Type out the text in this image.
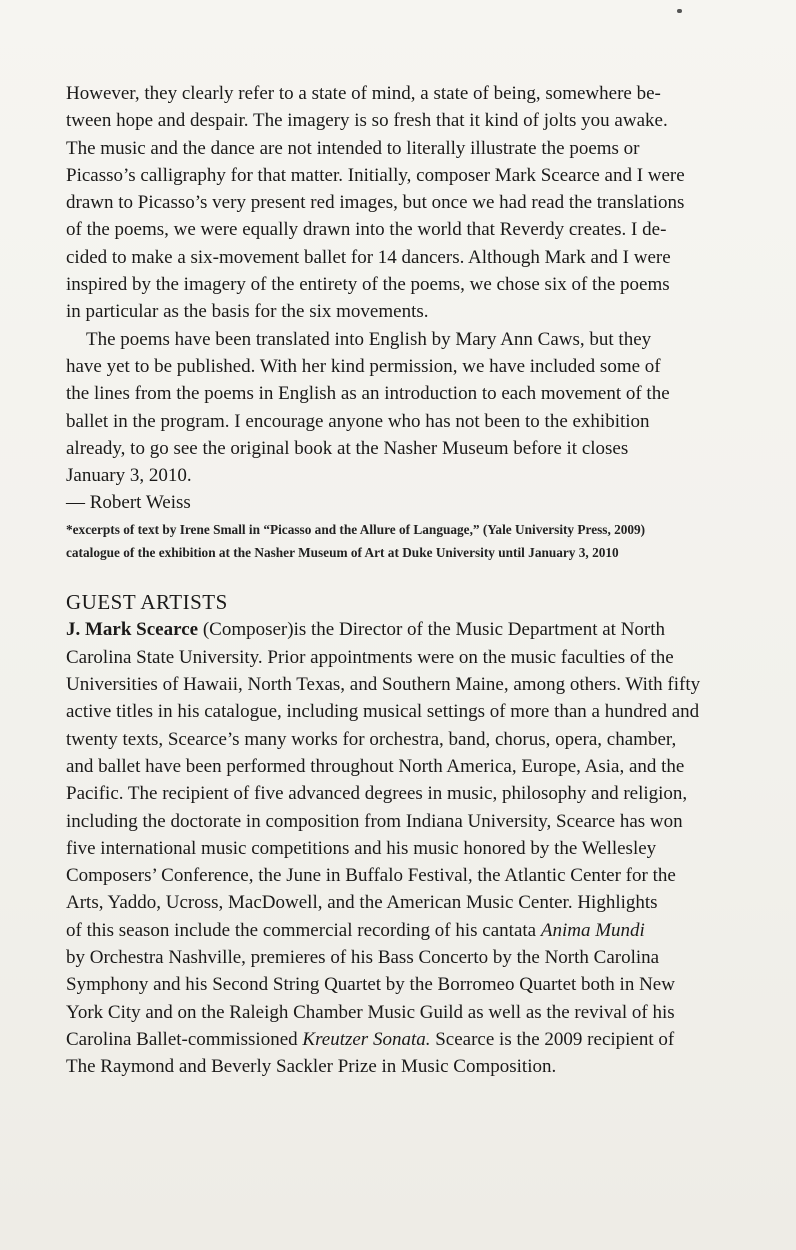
However, they clearly refer to a state of mind, a state of being, somewhere be-
tween hope and despair. The imagery is so fresh that it kind of jolts you awake.
The music and the dance are not intended to literally illustrate the poems or
Picasso’s calligraphy for that matter. Initially, composer Mark Scearce and I were
drawn to Picasso’s very present red images, but once we had read the translations
of the poems, we were equally drawn into the world that Reverdy creates. I de-
cided to make a six-movement ballet for 14 dancers. Although Mark and I were
inspired by the imagery of the entirety of the poems, we chose six of the poems
in particular as the basis for the six movements.

The poems have been translated into English by Mary Ann Caws, but they
have yet to be published. With her kind permission, we have included some of
the lines from the poems in English as an introduction to each movement of the
ballet in the program. I encourage anyone who has not been to the exhibition
already, to go see the original book at the Nasher Museum before it closes
January 3, 2010.

— Robert Weiss

*excerpts of text by Irene Small in “Picasso and the Allure of Language,” (Yale University Press, 2009)
catalogue of the exhibition at the Nasher Museum of Art at Duke University until January 3, 2010

GUEST ARTISTS

J. Mark Scearce (Composer)is the Director of the Music Department at North
Carolina State University. Prior appointments were on the music faculties of the
Universities of Hawaii, North Texas, and Southern Maine, among others. With fifty
active titles in his catalogue, including musical settings of more than a hundred and
twenty texts, Scearce’s many works for orchestra, band, chorus, opera, chamber,
and ballet have been performed throughout North America, Europe, Asia, and the
Pacific. The recipient of five advanced degrees in music, philosophy and religion,
including the doctorate in composition from Indiana University, Scearce has won
five international music competitions and his music honored by the Wellesley
Composers’ Conference, the June in Buffalo Festival, the Atlantic Center for the
Arts, Yaddo, Ucross, MacDowell, and the American Music Center. Highlights
of this season include the commercial recording of his cantata Anima Mundi
by Orchestra Nashville, premieres of his Bass Concerto by the North Carolina
Symphony and his Second String Quartet by the Borromeo Quartet both in New
York City and on the Raleigh Chamber Music Guild as well as the revival of his
Carolina Ballet-commissioned Kreutzer Sonata. Scearce is the 2009 recipient of
The Raymond and Beverly Sackler Prize in Music Composition.
